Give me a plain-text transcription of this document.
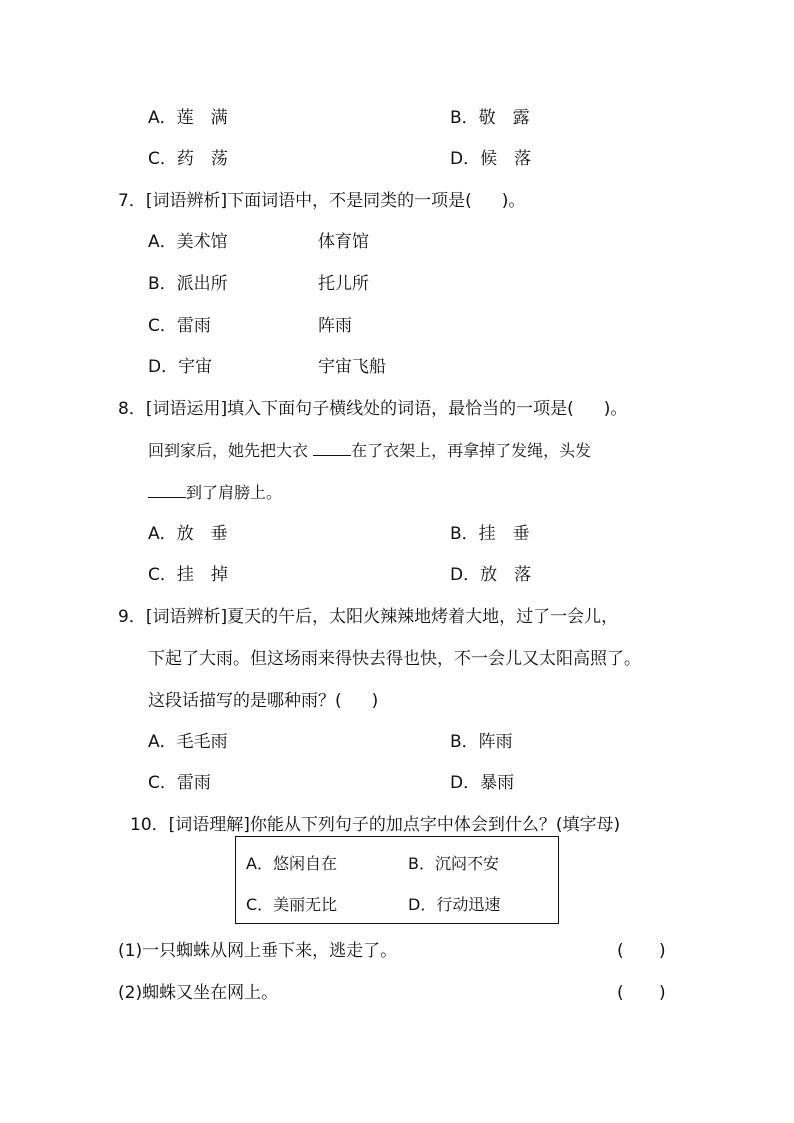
A．莲　满	B．敬　露
C．药　荡	D．候　落
7．[词语辨析]下面词语中，不是同类的一项是( )。
A．美术馆	体育馆
B．派出所	托儿所
C．雷雨	阵雨
D．宇宙	宇宙飞船
8．[词语运用]填入下面句子横线处的词语，最恰当的一项是( )。
回到家后，她先把大衣 在了衣架上，再拿掉了发绳，头发
到了肩膀上。
A．放　垂	B．挂　垂
C．挂　掉	D．放　落
9．[词语辨析]夏天的午后，太阳火辣辣地烤着大地，过了一会儿，
下起了大雨。但这场雨来得快去得也快，不一会儿又太阳高照了。
这段话描写的是哪种雨？( )
A．毛毛雨	B．阵雨
C．雷雨	D．暴雨
10．[词语理解]你能从下列句子的加点字中体会到什么？(填字母)
A．悠闲自在	B．沉闷不安
C．美丽无比	D．行动迅速
(1)一只蜘蛛从网上垂下来，逃走了。	( )
(2)蜘蛛又坐在网上。	( )
